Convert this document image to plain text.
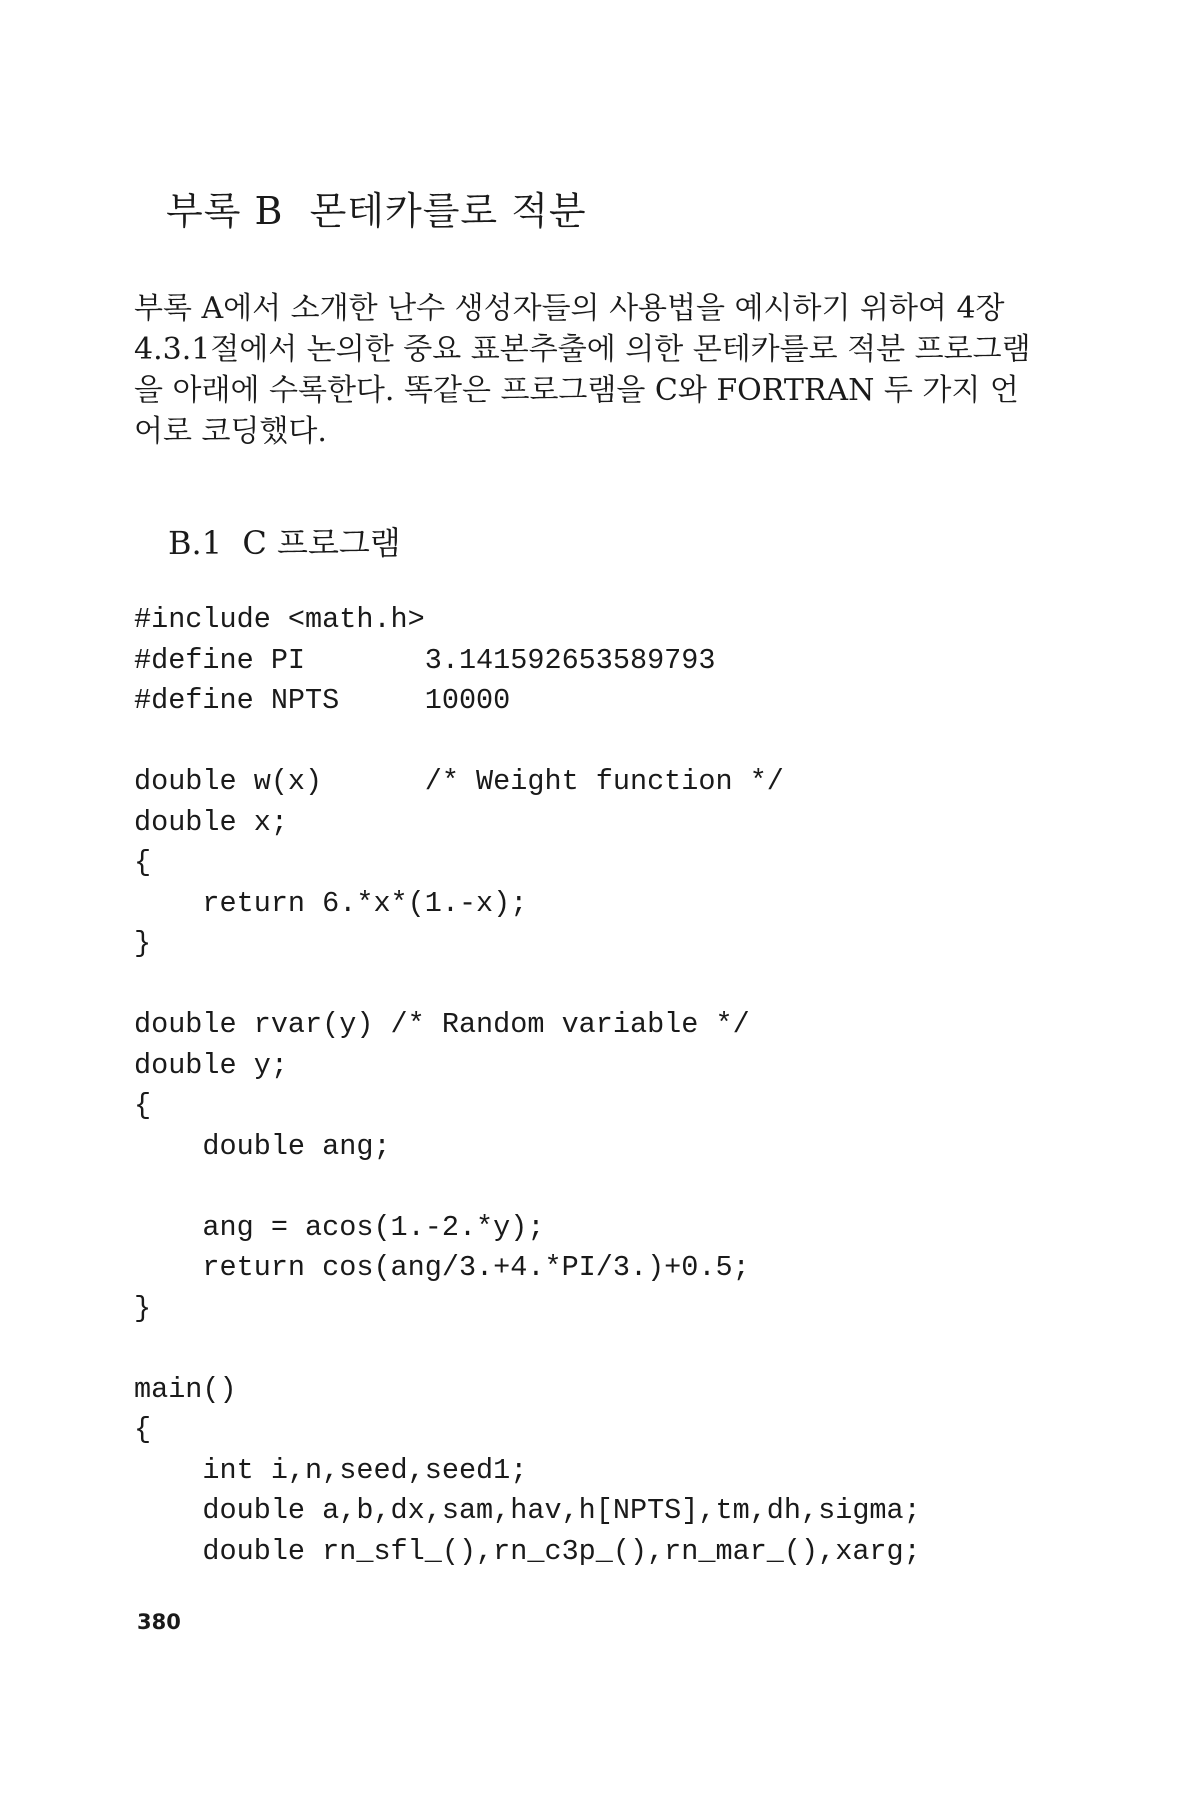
부록 B  몬테카를로 적분
부록 A에서 소개한 난수 생성자들의 사용법을 예시하기 위하여 4장
4.3.1절에서 논의한 중요 표본추출에 의한 몬테카를로 적분 프로그램
을 아래에 수록한다. 똑같은 프로그램을 C와 FORTRAN 두 가지 언
어로 코딩했다.
B.1  C 프로그램
#include <math.h>
#define PI       3.141592653589793
#define NPTS     10000
double w(x)      /* Weight function */
double x;
{
return 6.*x*(1.-x);
}
double rvar(y) /* Random variable */
double y;
{
double ang;
ang = acos(1.-2.*y);
return cos(ang/3.+4.*PI/3.)+0.5;
}
main()
{
int i,n,seed,seed1;
double a,b,dx,sam,hav,h[NPTS],tm,dh,sigma;
double rn_sfl_(),rn_c3p_(),rn_mar_(),xarg;
380
